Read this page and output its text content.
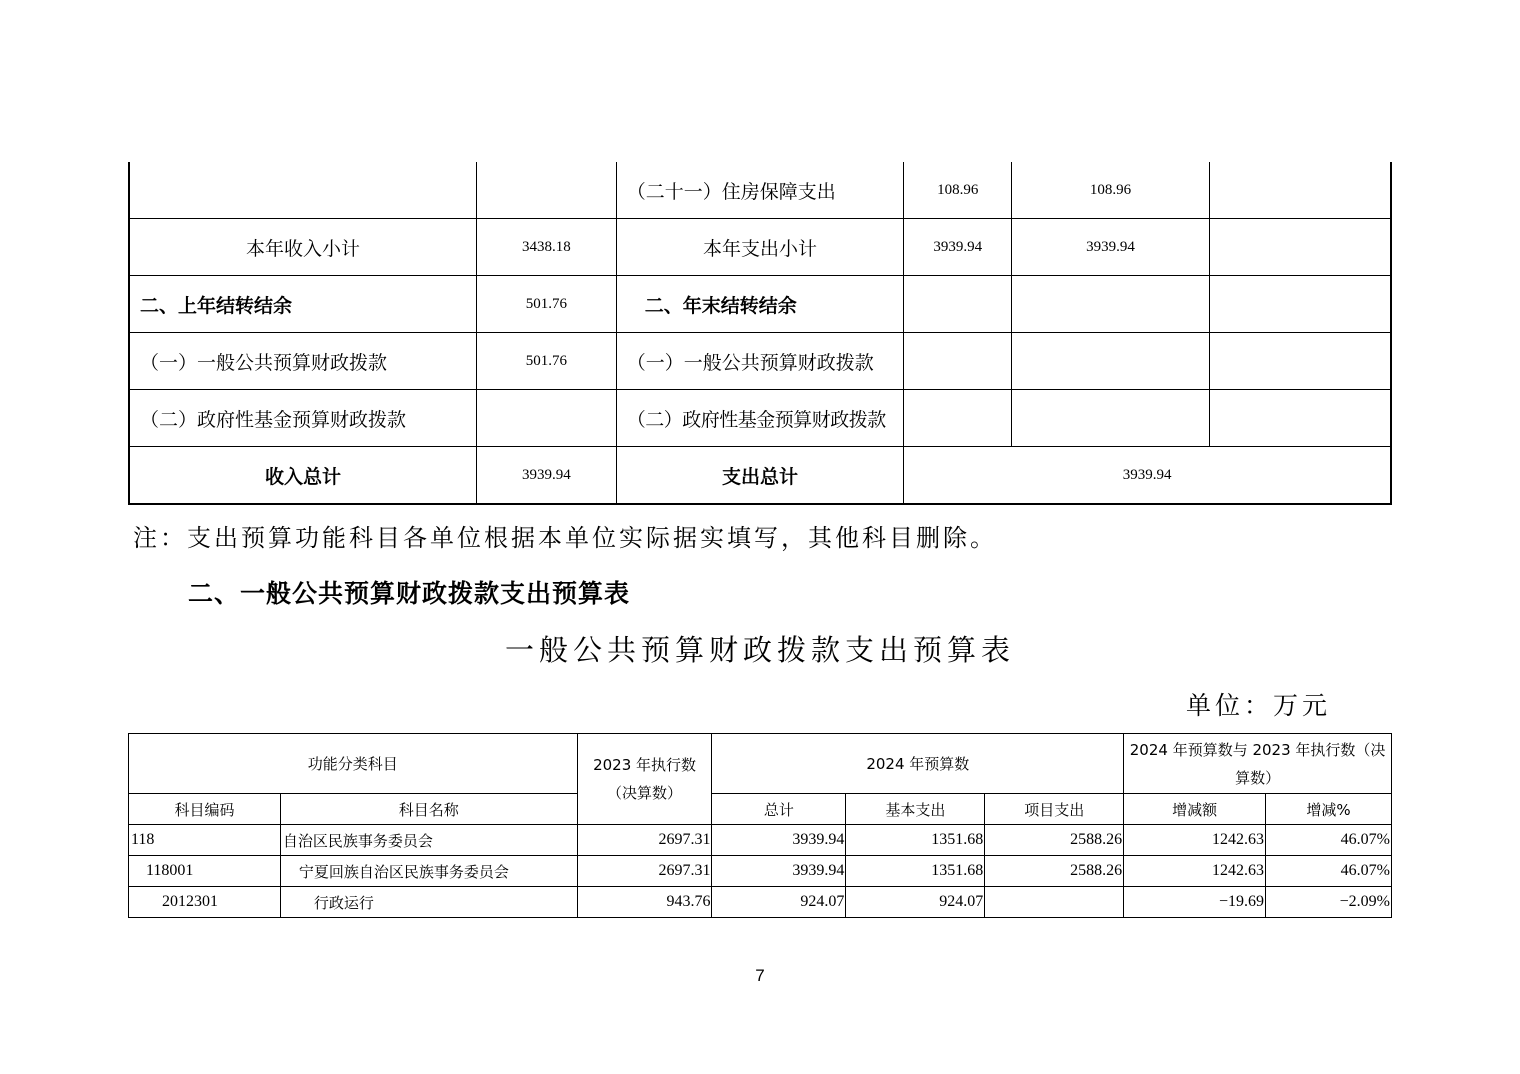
		（二十一）住房保障支出	108.96	108.96	
本年收入小计	3438.18	本年支出小计	3939.94	3939.94	
二、上年结转结余	501.76	二、年末结转结余			
（一）一般公共预算财政拨款	501.76	（一）一般公共预算财政拨款			
（二）政府性基金预算财政拨款		（二）政府性基金预算财政拨款			
收入总计	3939.94	支出总计	3939.94		
注：支出预算功能科目各单位根据本单位实际据实填写，其他科目删除。
二、一般公共预算财政拨款支出预算表
一般公共预算财政拨款支出预算表
单位：万元
功能分类科目		2023 年执行数（决算数）	2024 年预算数			2024 年预算数与 2023 年执行数（决算数）	
科目编码	科目名称		总计	基本支出	项目支出	增减额	增减%
118	自治区民族事务委员会	2697.31	3939.94	1351.68	2588.26	1242.63	46.07%
118001	宁夏回族自治区民族事务委员会	2697.31	3939.94	1351.68	2588.26	1242.63	46.07%
2012301	行政运行	943.76	924.07	924.07		−19.69	−2.09%
7
